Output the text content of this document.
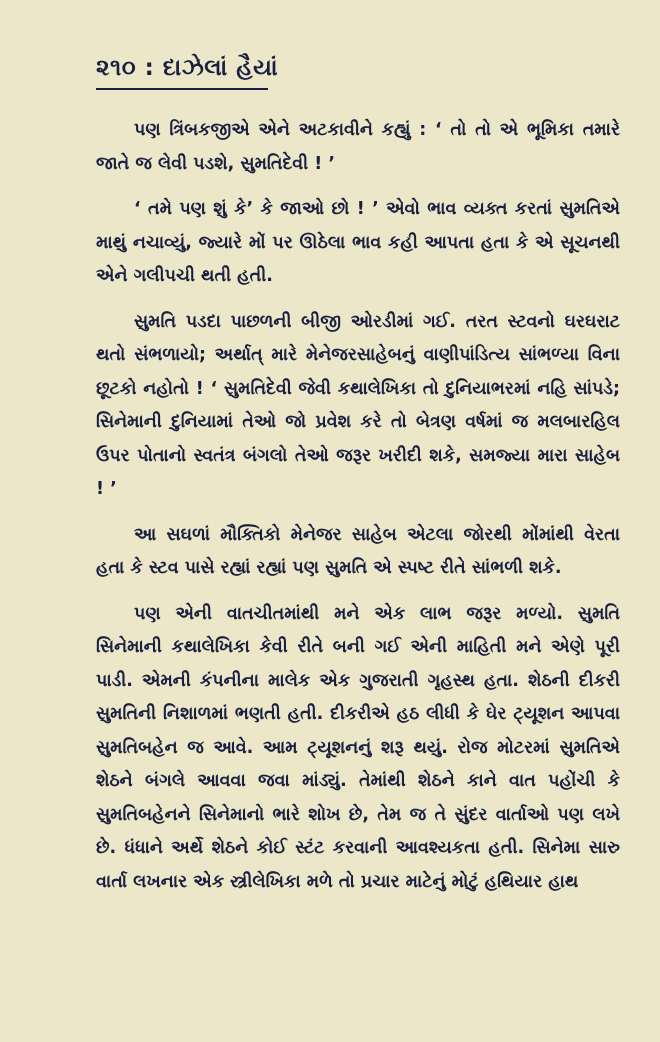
૨૧૦ : દાઝેલાં હૈયાં

પણ ત્રિંબકજીએ એને અટકાવીને કહ્યું : ‘ તો તો એ ભૂમિકા તમારે જાતે જ લેવી પડશે, સુમતિદેવી ! ’

‘ તમે પણ શું કે’ કે જાઓ છો ! ’ એવો ભાવ વ્યક્ત કરતાં સુમતિએ માથું નચાવ્યું, જ્યારે મોં પર ઊઠેલા ભાવ કહી આપતા હતા કે એ સૂચનથી એને ગલીપચી થતી હતી.

સુમતિ પડદા પાછળની બીજી ઓરડીમાં ગઈ. તરત સ્ટવનો ઘરઘરાટ થતો સંભળાયો; અર્થાત્ મારે મેનેજરસાહેબનું વાણીપાંડિત્ય સાંભળ્યા વિના છૂટકો નહોતો ! ‘ સુમતિદેવી જેવી કથાલેખિકા તો દુનિયાભરમાં નહિ સાંપડે; સિનેમાની દુનિયામાં તેઓ જો પ્રવેશ કરે તો બેત્રણ વર્ષમાં જ મલબારહિલ ઉપર પોતાનો સ્વતંત્ર બંગલો તેઓ જરૂર ખરીદી શકે, સમજ્યા મારા સાહેબ ! ’

આ સઘળાં મૌક્તિકો મેનેજર સાહેબ એટલા જોરથી મોંમાંથી વેરતા હતા કે સ્ટવ પાસે રહ્યાં રહ્યાં પણ સુમતિ એ સ્પષ્ટ રીતે સાંભળી શકે.

પણ એની વાતચીતમાંથી મને એક લાભ જરૂર મળ્યો. સુમતિ સિનેમાની કથાલેખિકા કેવી રીતે બની ગઈ એની માહિતી મને એણે પૂરી પાડી. એમની કંપનીના માલેક એક ગુજરાતી ગૃહસ્થ હતા. શેઠની દીકરી સુમતિની નિશાળમાં ભણતી હતી. દીકરીએ હઠ લીધી કે ઘેર ટ્યૂશન આપવા સુમતિબહેન જ આવે. આમ ટ્યૂશનનું શરૂ થયું. રોજ મોટરમાં સુમતિએ શેઠને બંગલે આવવા જવા માંડ્યું. તેમાંથી શેઠને કાને વાત પહોંચી કે સુમતિબહેનને સિનેમાનો ભારે શોખ છે, તેમ જ તે સુંદર વાર્તાઓ પણ લખે છે. ધંધાને અર્થે શેઠને કોઈ સ્ટંટ કરવાની આવશ્યકતા હતી. સિનેમા સારુ વાર્તા લખનાર એક સ્ત્રીલેખિકા મળે તો પ્રચાર માટેનું મોટું હથિયાર હાથ
